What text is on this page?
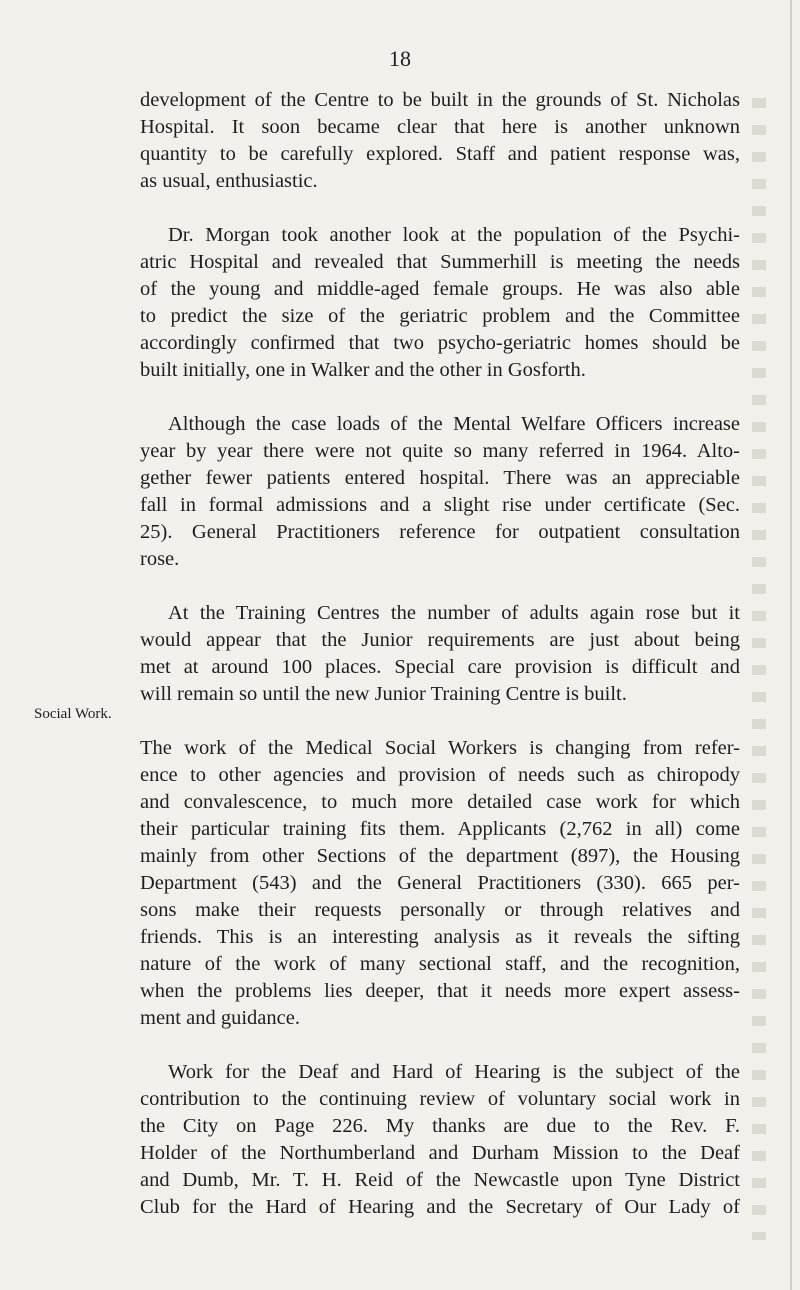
18
Social Work.
development of the Centre to be built in the grounds of St. Nicholas
Hospital. It soon became clear that here is another unknown
quantity to be carefully explored. Staff and patient response was,
as usual, enthusiastic.
Dr. Morgan took another look at the population of the Psychi-
atric Hospital and revealed that Summerhill is meeting the needs
of the young and middle-aged female groups. He was also able
to predict the size of the geriatric problem and the Committee
accordingly confirmed that two psycho-geriatric homes should be
built initially, one in Walker and the other in Gosforth.
Although the case loads of the Mental Welfare Officers increase
year by year there were not quite so many referred in 1964. Alto-
gether fewer patients entered hospital. There was an appreciable
fall in formal admissions and a slight rise under certificate (Sec.
25). General Practitioners reference for outpatient consultation
rose.
At the Training Centres the number of adults again rose but it
would appear that the Junior requirements are just about being
met at around 100 places. Special care provision is difficult and
will remain so until the new Junior Training Centre is built.
The work of the Medical Social Workers is changing from refer-
ence to other agencies and provision of needs such as chiropody
and convalescence, to much more detailed case work for which
their particular training fits them. Applicants (2,762 in all) come
mainly from other Sections of the department (897), the Housing
Department (543) and the General Practitioners (330). 665 per-
sons make their requests personally or through relatives and
friends. This is an interesting analysis as it reveals the sifting
nature of the work of many sectional staff, and the recognition,
when the problems lies deeper, that it needs more expert assess-
ment and guidance.
Work for the Deaf and Hard of Hearing is the subject of the
contribution to the continuing review of voluntary social work in
the City on Page 226. My thanks are due to the Rev. F.
Holder of the Northumberland and Durham Mission to the Deaf
and Dumb, Mr. T. H. Reid of the Newcastle upon Tyne District
Club for the Hard of Hearing and the Secretary of Our Lady of
